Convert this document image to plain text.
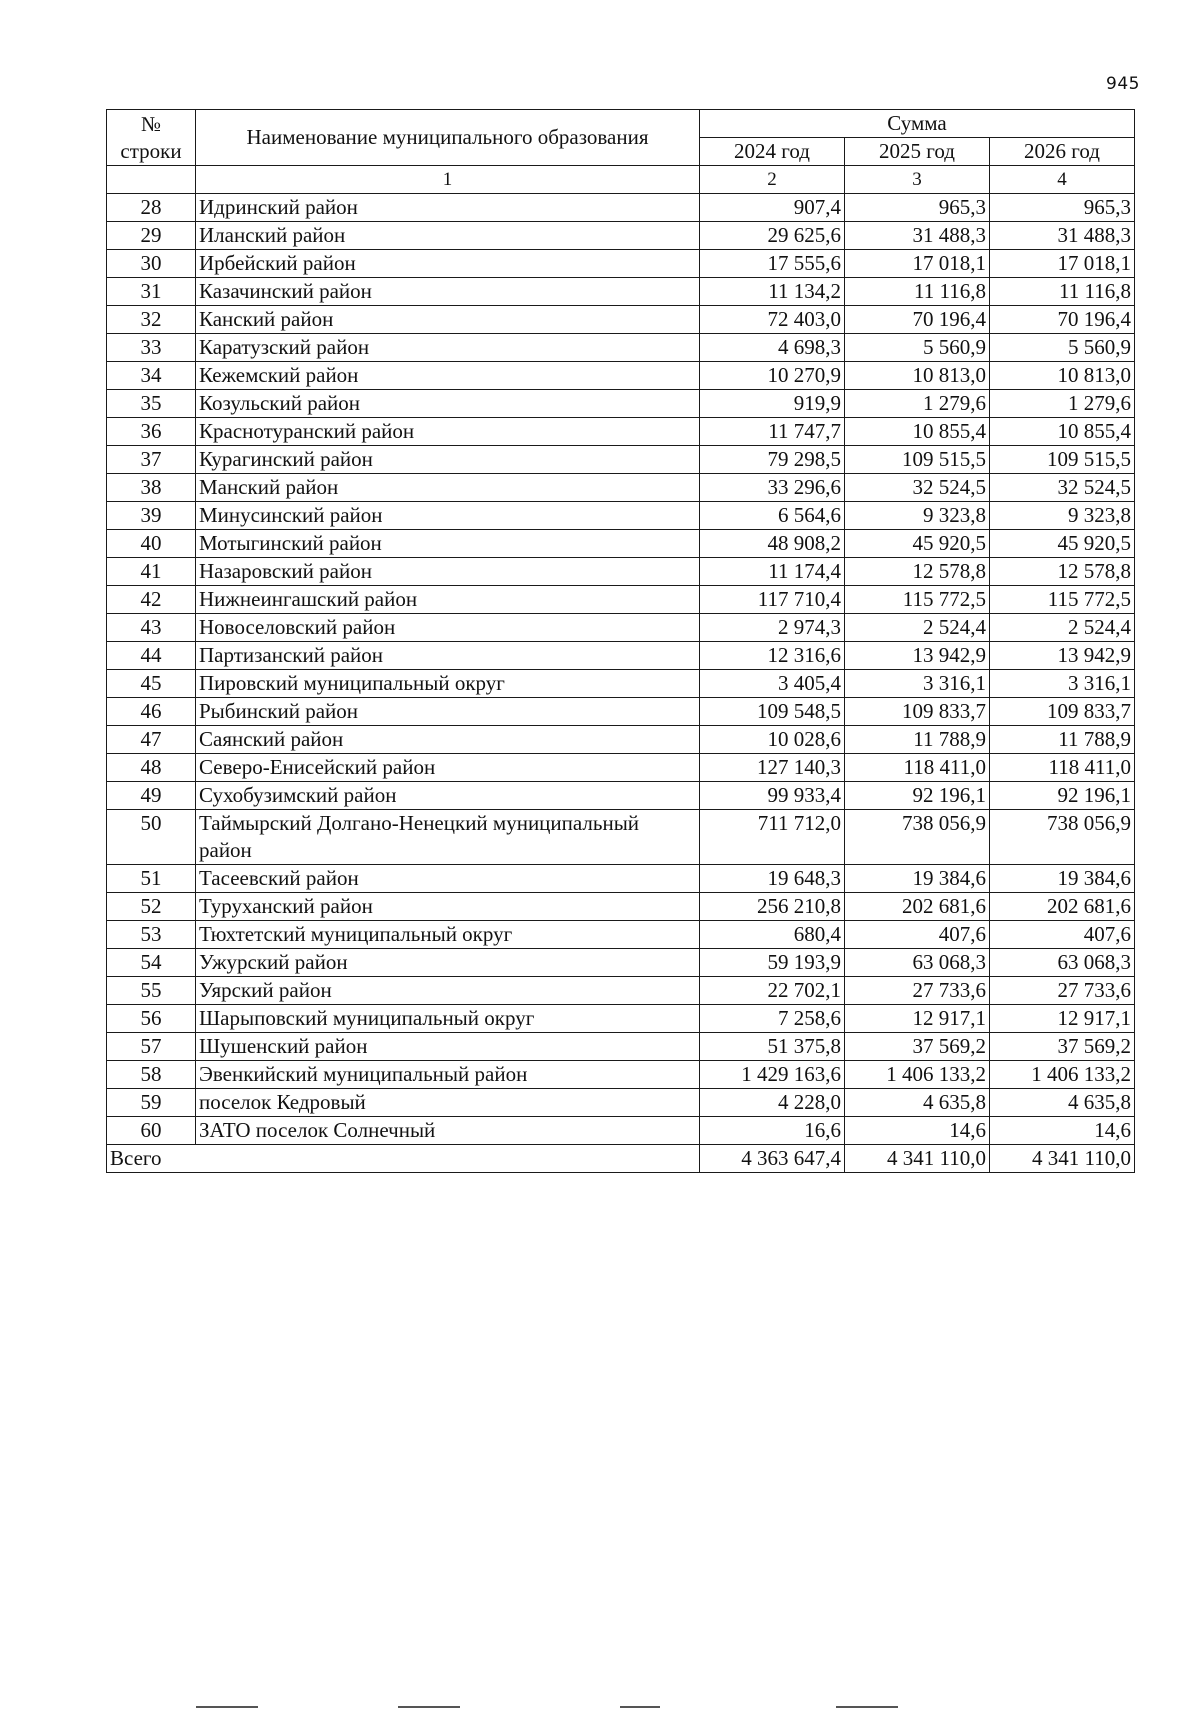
945
№
строки	Наименование муниципального образования	Сумма		
		2024 год	2025 год	2026 год
	1	2	3	4
28	Идринский район	907,4	965,3	965,3
29	Иланский район	29 625,6	31 488,3	31 488,3
30	Ирбейский район	17 555,6	17 018,1	17 018,1
31	Казачинский район	11 134,2	11 116,8	11 116,8
32	Канский район	72 403,0	70 196,4	70 196,4
33	Каратузский район	4 698,3	5 560,9	5 560,9
34	Кежемский район	10 270,9	10 813,0	10 813,0
35	Козульский район	919,9	1 279,6	1 279,6
36	Краснотуранский район	11 747,7	10 855,4	10 855,4
37	Курагинский район	79 298,5	109 515,5	109 515,5
38	Манский район	33 296,6	32 524,5	32 524,5
39	Минусинский район	6 564,6	9 323,8	9 323,8
40	Мотыгинский район	48 908,2	45 920,5	45 920,5
41	Назаровский район	11 174,4	12 578,8	12 578,8
42	Нижнеингашский район	117 710,4	115 772,5	115 772,5
43	Новоселовский район	2 974,3	2 524,4	2 524,4
44	Партизанский район	12 316,6	13 942,9	13 942,9
45	Пировский муниципальный округ	3 405,4	3 316,1	3 316,1
46	Рыбинский район	109 548,5	109 833,7	109 833,7
47	Саянский район	10 028,6	11 788,9	11 788,9
48	Северо-Енисейский район	127 140,3	118 411,0	118 411,0
49	Сухобузимский район	99 933,4	92 196,1	92 196,1
50	Таймырский Долгано-Ненецкий муниципальный район	711 712,0	738 056,9	738 056,9
51	Тасеевский район	19 648,3	19 384,6	19 384,6
52	Туруханский район	256 210,8	202 681,6	202 681,6
53	Тюхтетский муниципальный округ	680,4	407,6	407,6
54	Ужурский район	59 193,9	63 068,3	63 068,3
55	Уярский район	22 702,1	27 733,6	27 733,6
56	Шарыповский муниципальный округ	7 258,6	12 917,1	12 917,1
57	Шушенский район	51 375,8	37 569,2	37 569,2
58	Эвенкийский муниципальный район	1 429 163,6	1 406 133,2	1 406 133,2
59	поселок Кедровый	4 228,0	4 635,8	4 635,8
60	ЗАТО поселок Солнечный	16,6	14,6	14,6
Всего		4 363 647,4	4 341 110,0	4 341 110,0
